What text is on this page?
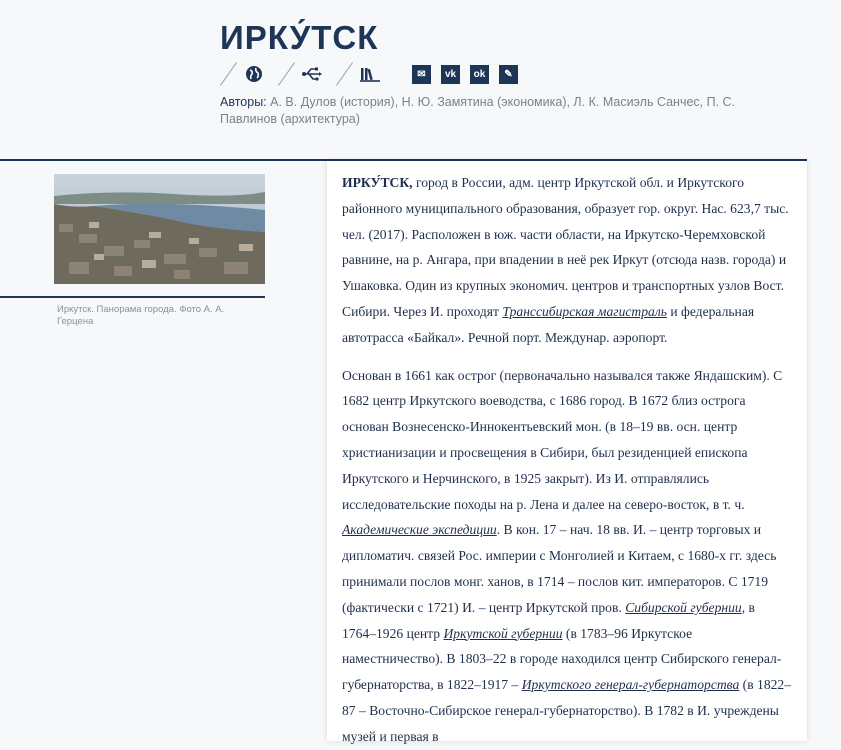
ИРКУ́ТСК
✉	vk	ok	✎
Авторы: А. В. Дулов (история), Н. Ю. Замятина (экономика), Л. К. Масиэль Санчес, П. С. Павлинов (архитектура)
Иркутск. Панорама города. Фото А. А. Герцена

ИРКУ́ТСК, город в России, адм. центр Иркутской обл. и Иркутского районного муниципального образования, образует гор. округ. Нас. 623,7 тыс. чел. (2017). Расположен в юж. части области, на Иркутско-Черемховской равнине, на р. Ангара, при впадении в неё рек Иркут (отсюда назв. города) и Ушаковка. Один из крупных экономич. центров и транспортных узлов Вост. Сибири. Через И. проходят Транссибирская магистраль и федеральная автотрасса «Байкал». Речной порт. Междунар. аэропорт.

Основан в 1661 как острог (первоначально назывался также Яндашским). С 1682 центр Иркутского воеводства, с 1686 город. В 1672 близ острога основан Вознесенско-Иннокентьевский мон. (в 18–19 вв. осн. центр христианизации и просвещения в Сибири, был резиденцией епископа Иркутского и Нерчинского, в 1925 закрыт). Из И. отправлялись исследовательские походы на р. Лена и далее на северо-восток, в т. ч. Академические экспедиции. В кон. 17 – нач. 18 вв. И. – центр торговых и дипломатич. связей Рос. империи с Монголией и Китаем, с 1680-х гг. здесь принимали послов монг. ханов, в 1714 – послов кит. императоров. С 1719 (фактически с 1721) И. – центр Иркутской пров. Сибирской губернии, в 1764–1926 центр Иркутской губернии (в 1783–96 Иркутское наместничество). В 1803–22 в городе находился центр Сибирского генерал-губернаторства, в 1822–1917 – Иркутского генерал-губернаторства (в 1822–87 – Восточно-Сибирское генерал-губернаторство). В 1782 в И. учреждены музей и первая в
